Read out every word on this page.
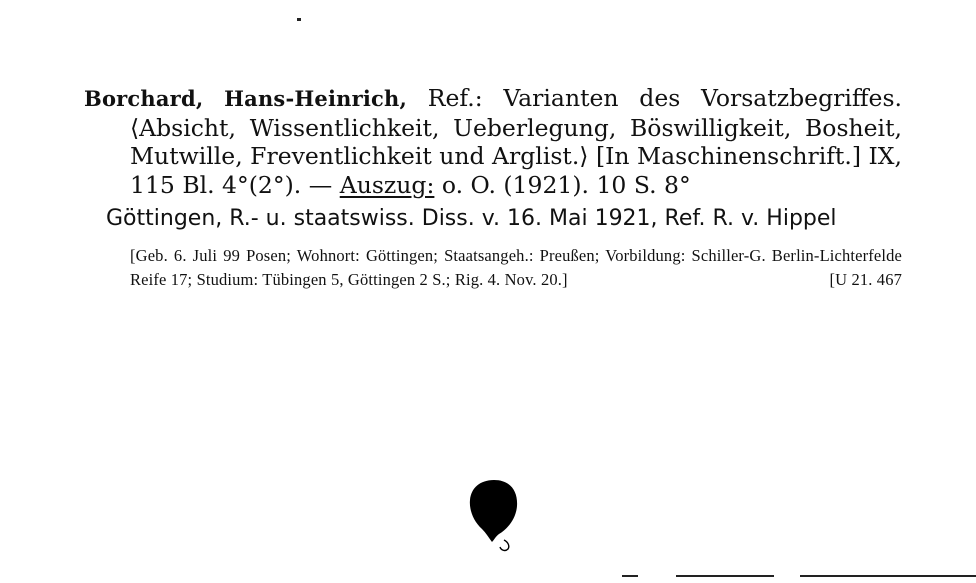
Borchard, Hans-Heinrich, Ref.: Varianten des Vorsatzbegriffes. ⟨Absicht, Wissentlichkeit, Ueberlegung, Böswilligkeit, Bosheit, Mutwille, Freventlichkeit und Arglist.⟩ [In Maschinenschrift.] IX, 115 Bl. 4°(2°). — Auszug: o. O. (1921). 10 S. 8°

Göttingen, R.- u. staatswiss. Diss. v. 16. Mai 1921, Ref. R. v. Hippel

[Geb. 6. Juli 99 Posen; Wohnort: Göttingen; Staatsangeh.: Preußen; Vorbildung: Schiller-G. Berlin-Lichterfelde Reife 17; Studium: Tübingen 5, Göttingen 2 S.; Rig. 4. Nov. 20.]	[U 21. 467
